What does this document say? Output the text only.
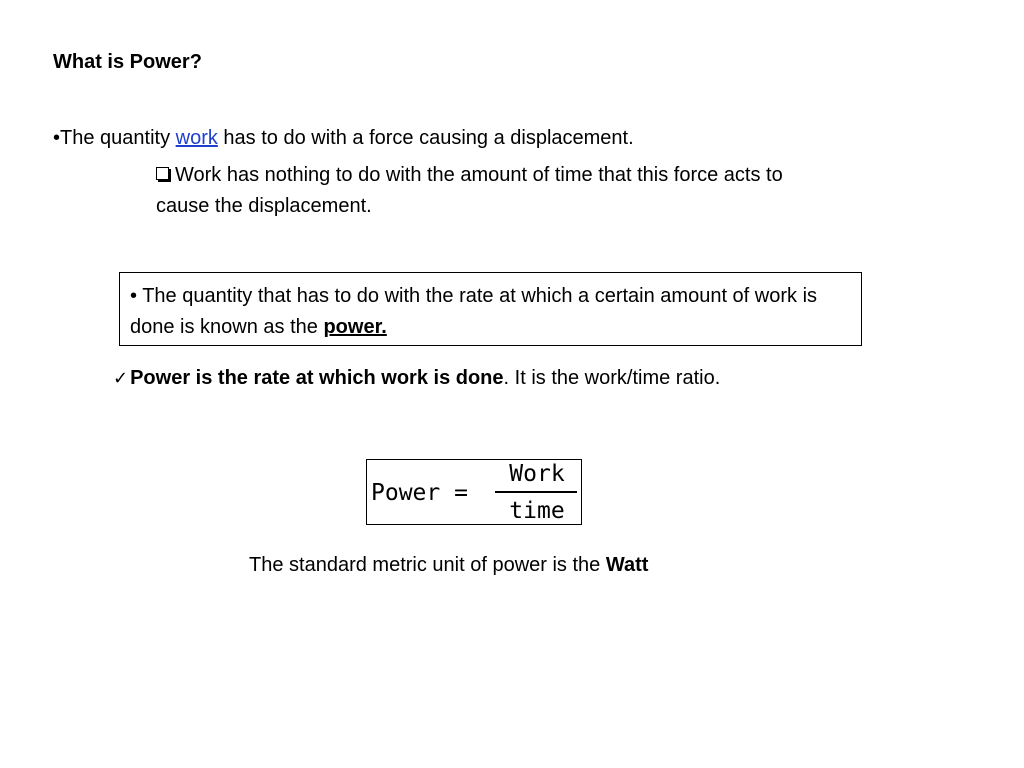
What is Power?
•The quantity work has to do with a force causing a displacement.
Work has nothing to do with the amount of time that this force acts to cause the displacement.
• The quantity that has to do with the rate at which a certain amount of work is done is known as the power.
✓ Power is the rate at which work is done. It is the work/time ratio.
Power =
Work
time
The standard metric unit of power is the Watt
